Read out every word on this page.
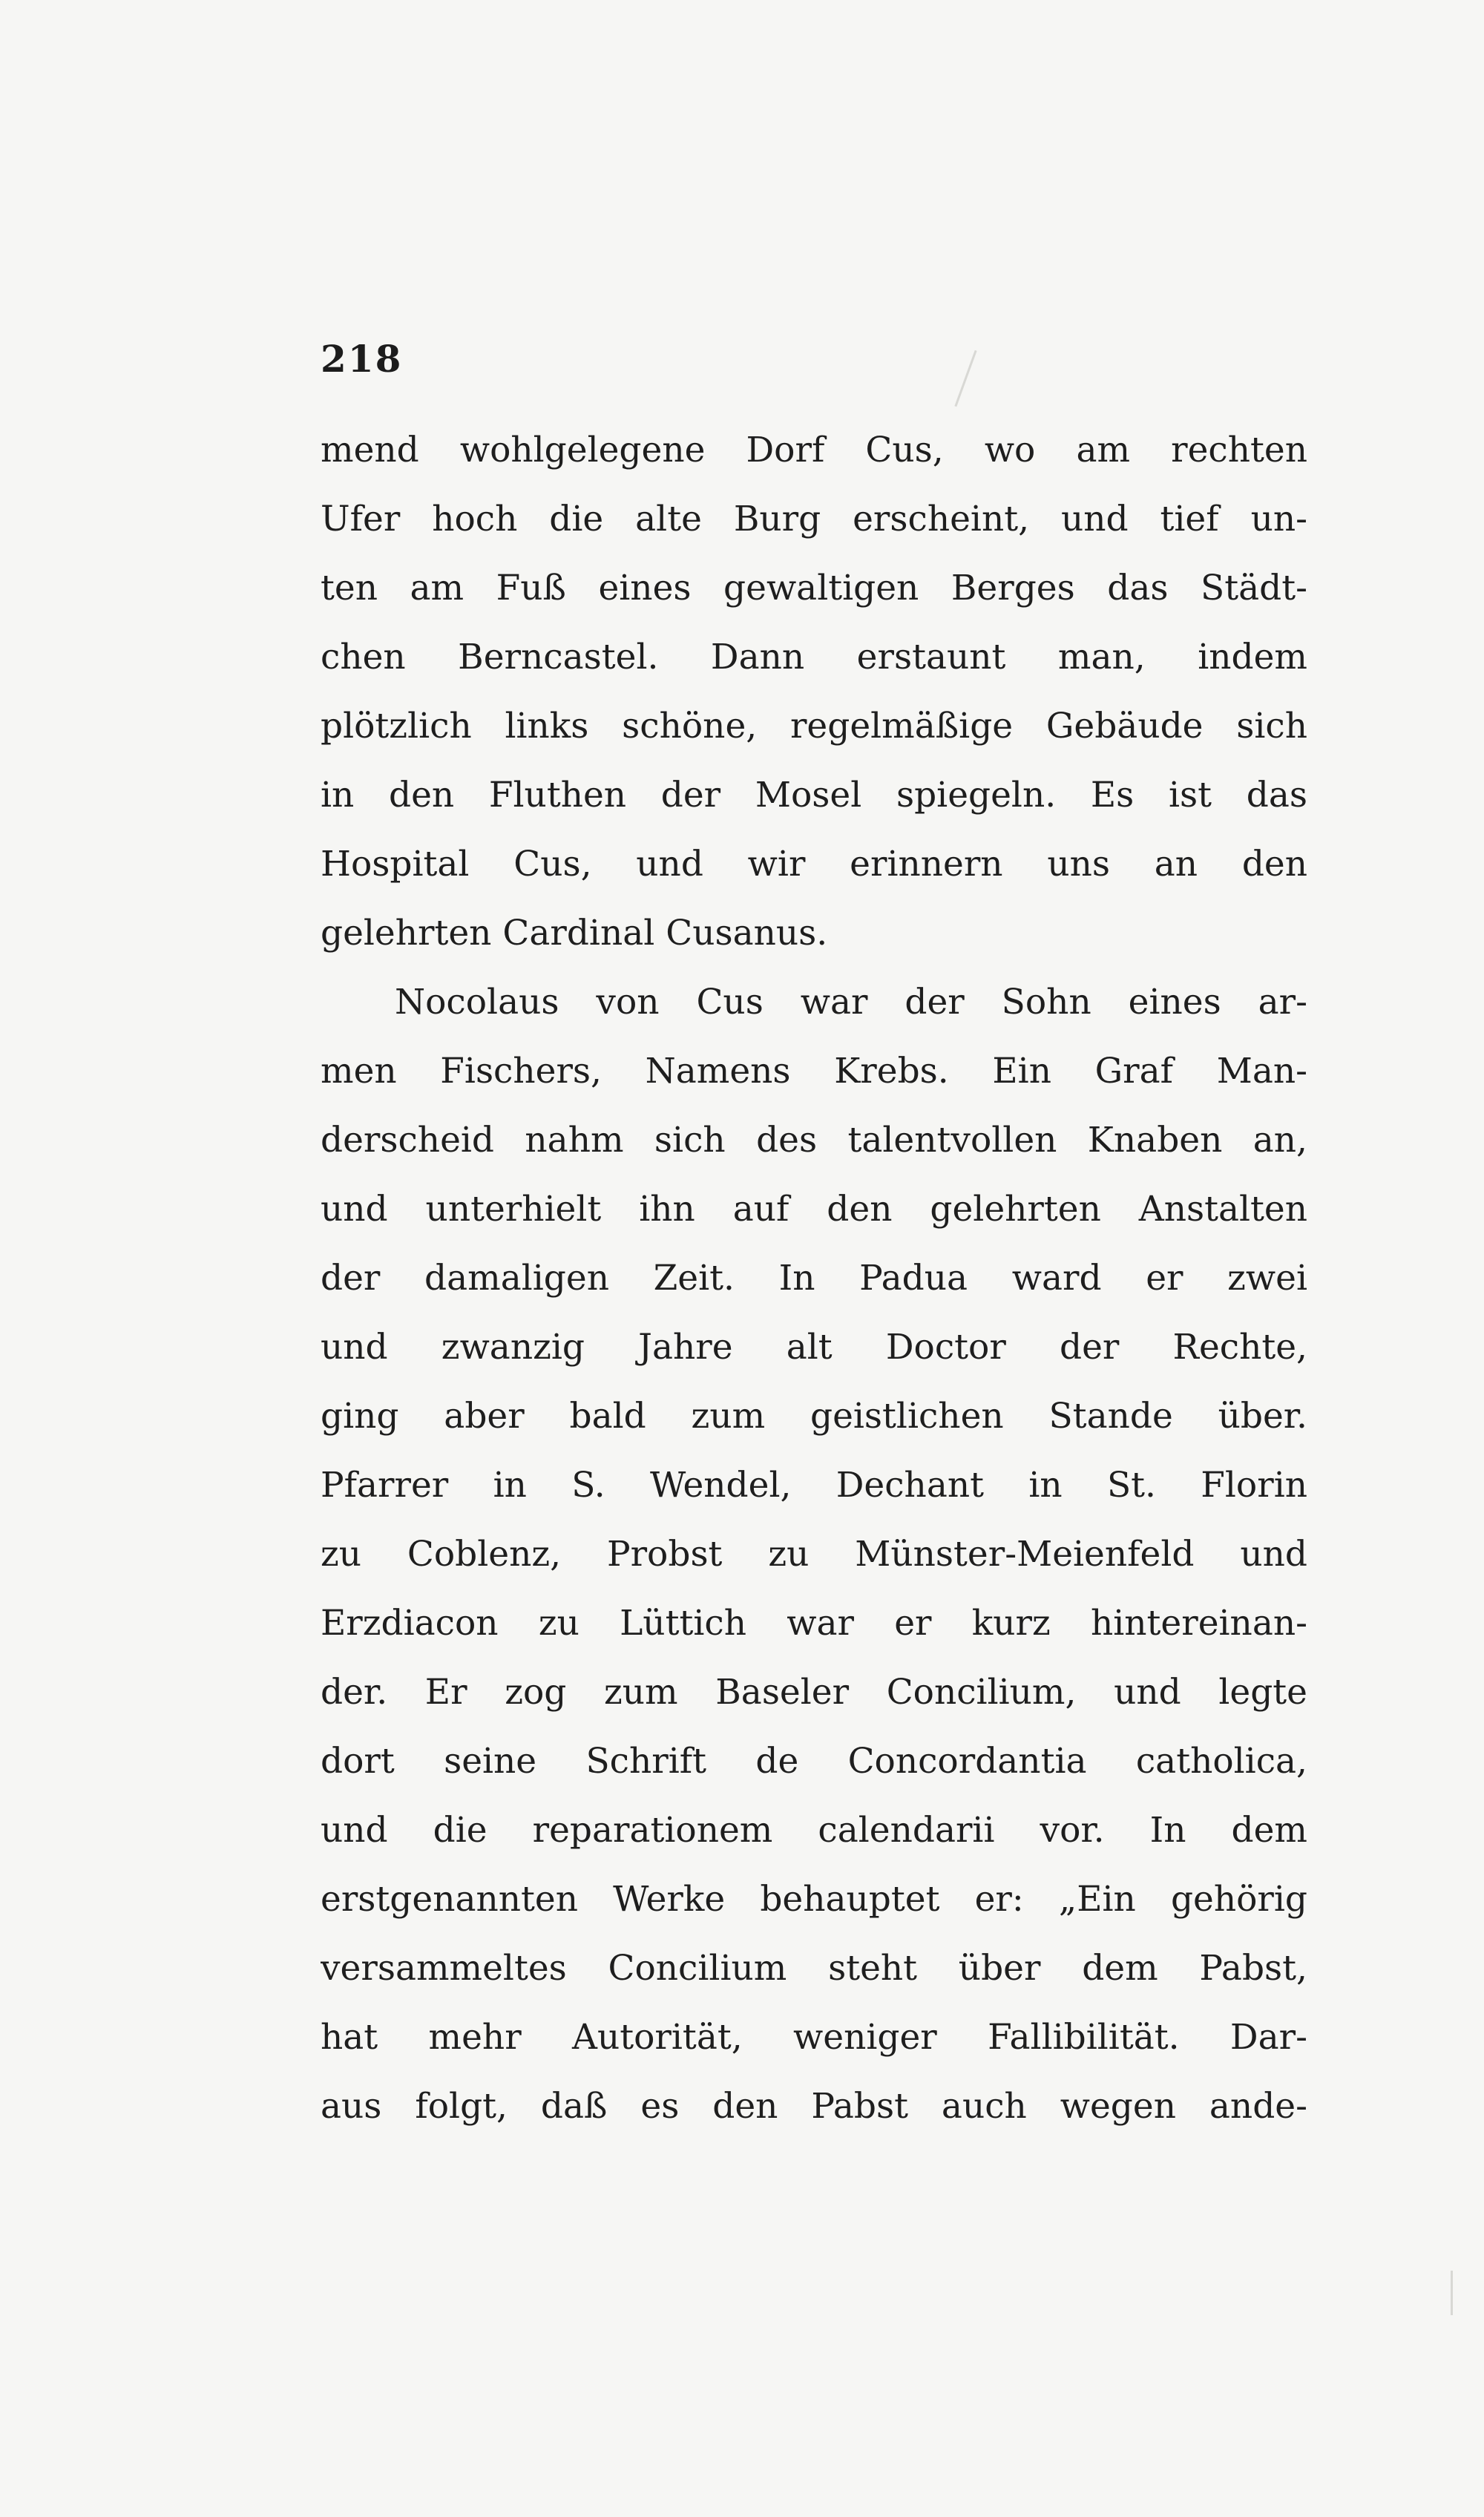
218
mend wohlgelegene Dorf Cus, wo am rechten
Ufer hoch die alte Burg erscheint, und tief un-
ten am Fuß eines gewaltigen Berges das Städt-
chen Berncastel. Dann erstaunt man, indem
plötzlich links schöne, regelmäßige Gebäude sich
in den Fluthen der Mosel spiegeln. Es ist das
Hospital Cus, und wir erinnern uns an den
gelehrten Cardinal Cusanus.
Nocolaus von Cus war der Sohn eines ar-
men Fischers, Namens Krebs. Ein Graf Man-
derscheid nahm sich des talentvollen Knaben an,
und unterhielt ihn auf den gelehrten Anstalten
der damaligen Zeit. In Padua ward er zwei
und zwanzig Jahre alt Doctor der Rechte,
ging aber bald zum geistlichen Stande über.
Pfarrer in S. Wendel, Dechant in St. Florin
zu Coblenz, Probst zu Münster-Meienfeld und
Erzdiacon zu Lüttich war er kurz hintereinan-
der. Er zog zum Baseler Concilium, und legte
dort seine Schrift de Concordantia catholica,
und die reparationem calendarii vor. In dem
erstgenannten Werke behauptet er: „Ein gehörig
versammeltes Concilium steht über dem Pabst,
hat mehr Autorität, weniger Fallibilität. Dar-
aus folgt, daß es den Pabst auch wegen ande-
